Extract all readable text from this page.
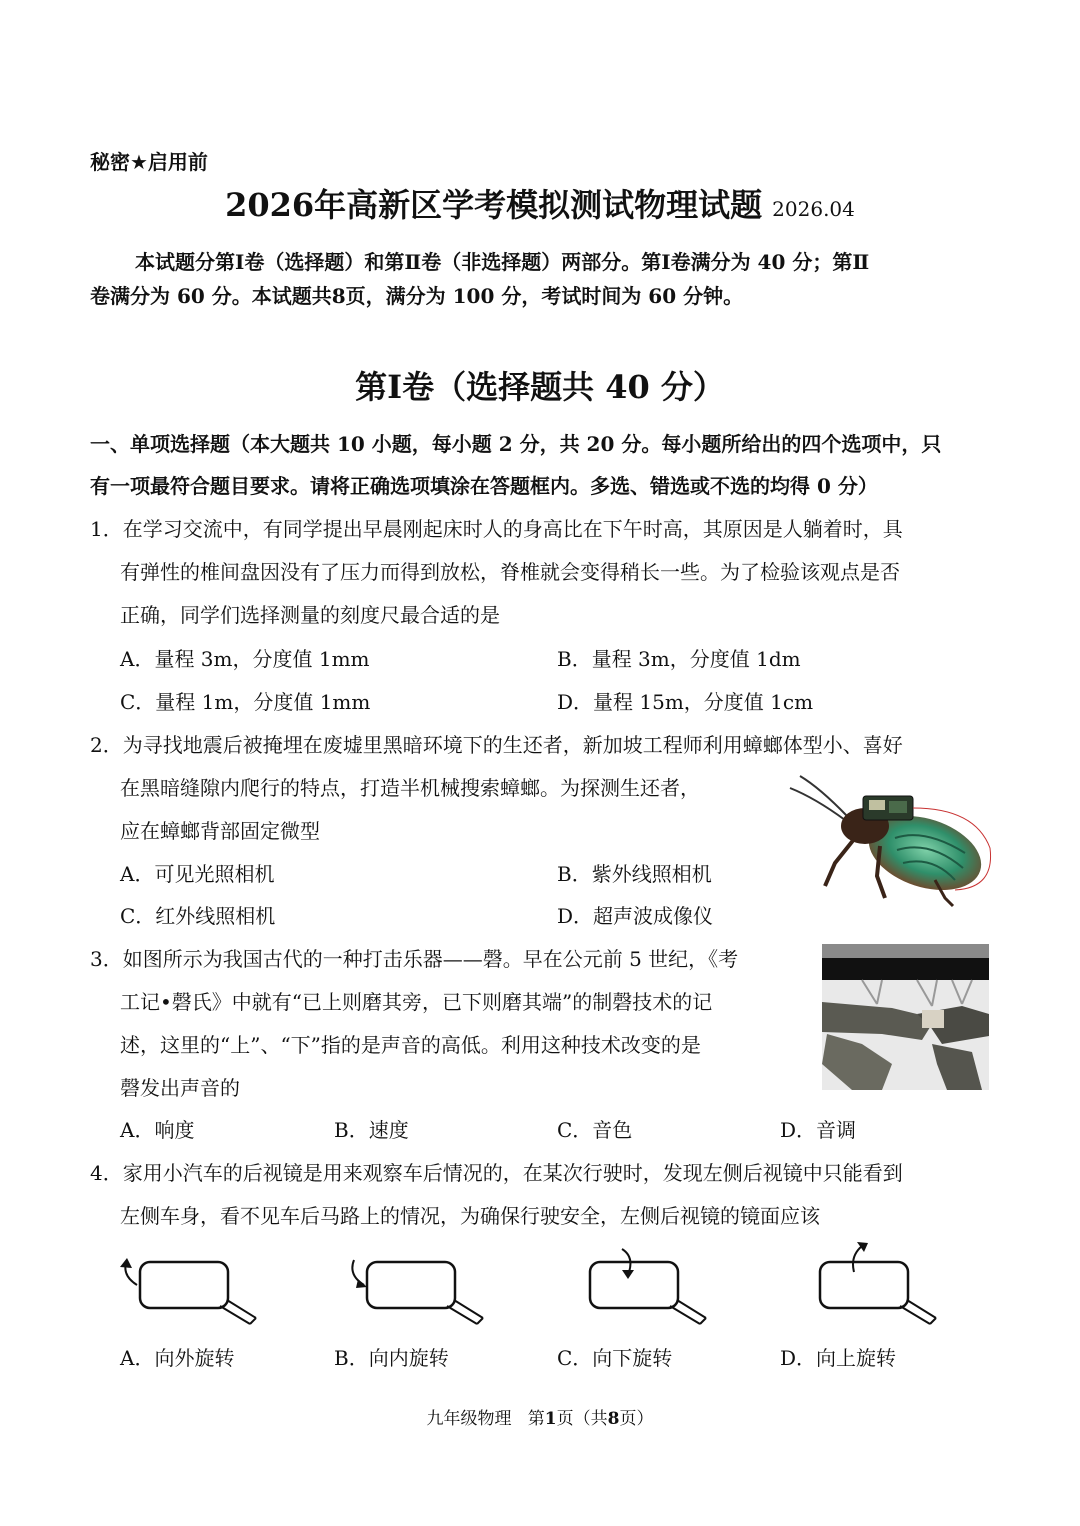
秘密★启用前
2026年高新区学考模拟测试物理试题 2026.04
本试题分第Ⅰ卷（选择题）和第Ⅱ卷（非选择题）两部分。第Ⅰ卷满分为 40 分；第Ⅱ
卷满分为 60 分。本试题共8页，满分为 100 分，考试时间为 60 分钟。
第Ⅰ卷（选择题共 40 分）
一、单项选择题（本大题共 10 小题，每小题 2 分，共 20 分。每小题所给出的四个选项中，只
有一项最符合题目要求。请将正确选项填涂在答题框内。多选、错选或不选的均得 0 分）
1．在学习交流中，有同学提出早晨刚起床时人的身高比在下午时高，其原因是人躺着时，具
有弹性的椎间盘因没有了压力而得到放松，脊椎就会变得稍长一些。为了检验该观点是否
正确，同学们选择测量的刻度尺最合适的是
A．量程 3m，分度值 1mm	B．量程 3m，分度值 1dm
C．量程 1m，分度值 1mm	D．量程 15m，分度值 1cm
2．为寻找地震后被掩埋在废墟里黑暗环境下的生还者，新加坡工程师利用蟑螂体型小、喜好
在黑暗缝隙内爬行的特点，打造半机械搜索蟑螂。为探测生还者，
应在蟑螂背部固定微型
A．可见光照相机	B．紫外线照相机
C．红外线照相机	D．超声波成像仪
3．如图所示为我国古代的一种打击乐器——磬。早在公元前 5 世纪，《考
工记•磬氏》中就有“已上则磨其旁，已下则磨其端”的制磬技术的记
述，这里的“上”、“下”指的是声音的高低。利用这种技术改变的是
磬发出声音的
A．响度	B．速度	C．音色	D．音调
4．家用小汽车的后视镜是用来观察车后情况的，在某次行驶时，发现左侧后视镜中只能看到
左侧车身，看不见车后马路上的情况，为确保行驶安全，左侧后视镜的镜面应该
A．向外旋转	B．向内旋转	C．向下旋转	D．向上旋转
九年级物理 第1页（共8页）
